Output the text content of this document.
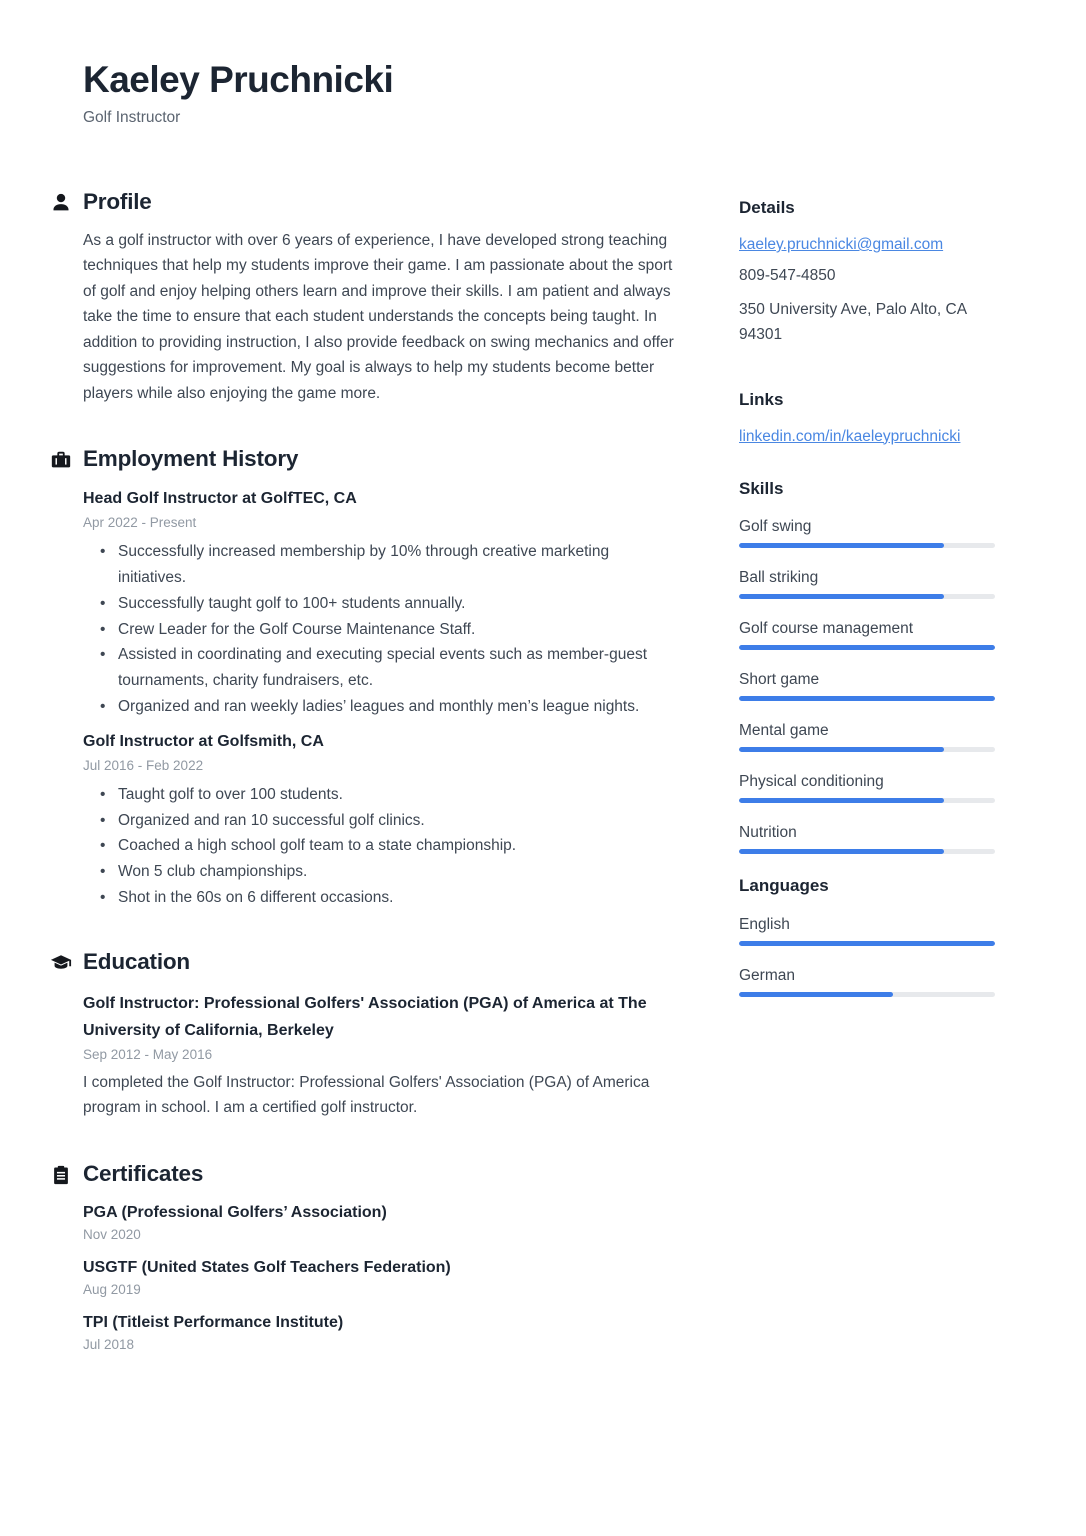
Kaeley Pruchnicki
Golf Instructor
Profile

As a golf instructor with over 6 years of experience, I have developed strong teaching techniques that help my students improve their game. I am passionate about the sport of golf and enjoy helping others learn and improve their skills. I am patient and always take the time to ensure that each student understands the concepts being taught. In addition to providing instruction, I also provide feedback on swing mechanics and offer suggestions for improvement. My goal is always to help my students become better players while also enjoying the game more.

Employment History
Head Golf Instructor at GolfTEC, CA
Apr 2022 - Present
• Successfully increased membership by 10% through creative marketing initiatives.
• Successfully taught golf to 100+ students annually.
• Crew Leader for the Golf Course Maintenance Staff.
• Assisted in coordinating and executing special events such as member-guest tournaments, charity fundraisers, etc.
• Organized and ran weekly ladies’ leagues and monthly men’s league nights.
Golf Instructor at Golfsmith, CA
Jul 2016 - Feb 2022
• Taught golf to over 100 students.
• Organized and ran 10 successful golf clinics.
• Coached a high school golf team to a state championship.
• Won 5 club championships.
• Shot in the 60s on 6 different occasions.
Education
Golf Instructor: Professional Golfers' Association (PGA) of America at The University of California, Berkeley
Sep 2012 - May 2016

I completed the Golf Instructor: Professional Golfers' Association (PGA) of America program in school. I am a certified golf instructor.

Certificates
PGA (Professional Golfers’ Association)
Nov 2020
USGTF (United States Golf Teachers Federation)
Aug 2019
TPI (Titleist Performance Institute)
Jul 2018
Details
kaeley.pruchnicki@gmail.com
809-547-4850
350 University Ave, Palo Alto, CA 94301
Links
linkedin.com/in/kaeleypruchnicki
Skills
Golf swing
Ball striking
Golf course management
Short game
Mental game
Physical conditioning
Nutrition
Languages
English
German
